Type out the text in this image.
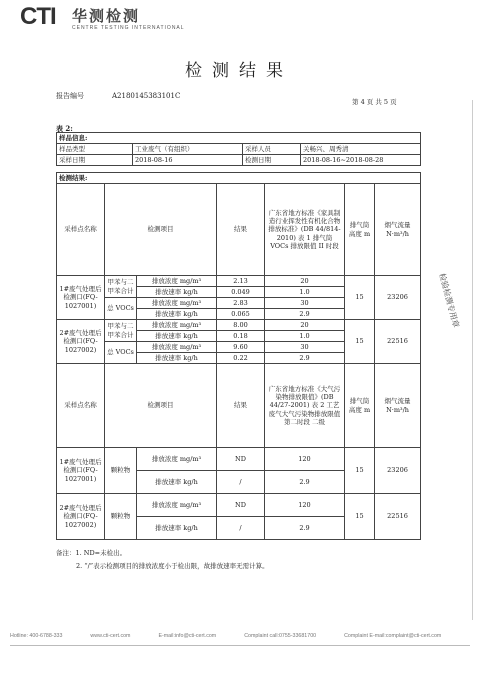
CTI 华测检测
CENTRE TESTING INTERNATIONAL
检测结果
报告编号	A2180145383101C
第 4 页 共 5 页
表 2:
样品信息:			
样品类型	工业废气（有组织）	采样人员	关畅兴、周秀清
采样日期	2018-08-16	检测日期	2018-08-16~2018-08-28
检测结果:						
采样点名称	检测项目		结果	广东省地方标准《家具制造行业挥发性有机化合物排放标准》(DB 44/814-2010) 表 1 排气筒 VOCs 排放限值 II 时段	排气筒高度 m	烟气流量 N·m³/h
1#废气处理后检测口(FQ-1027001)	甲苯与二甲苯合计	排放浓度 mg/m³	2.13	20	15	23206
		排放速率 kg/h	0.049	1.0		
	总 VOCs	排放浓度 mg/m³	2.83	30		
		排放速率 kg/h	0.065	2.9		
2#废气处理后检测口(FQ-1027002)	甲苯与二甲苯合计	排放浓度 mg/m³	8.00	20	15	22516
		排放速率 kg/h	0.18	1.0		
	总 VOCs	排放浓度 mg/m³	9.60	30		
		排放速率 kg/h	0.22	2.9		
采样点名称	检测项目		结果	广东省地方标准《大气污染物排放限值》(DB 44/27-2001) 表 2 工艺废气大气污染物排放限值 第二时段 二级	排气筒高度 m	烟气流量 N·m³/h
1#废气处理后检测口(FQ-1027001)	颗粒物	排放浓度 mg/m³	ND	120	15	23206
		排放速率 kg/h	/	2.9		
2#废气处理后检测口(FQ-1027002)	颗粒物	排放浓度 mg/m³	ND	120	15	22516
		排放速率 kg/h	/	2.9		
备注：1. ND=未检出。
2. “/”表示检测项目的排放浓度小于检出限，故排放速率无需计算。
检验检测专用章
Hotline: 400-6788-333	www.cti-cert.com	E-mail:info@cti-cert.com	Complaint call:0755-33681700	Complaint E-mail:complaint@cti-cert.com
